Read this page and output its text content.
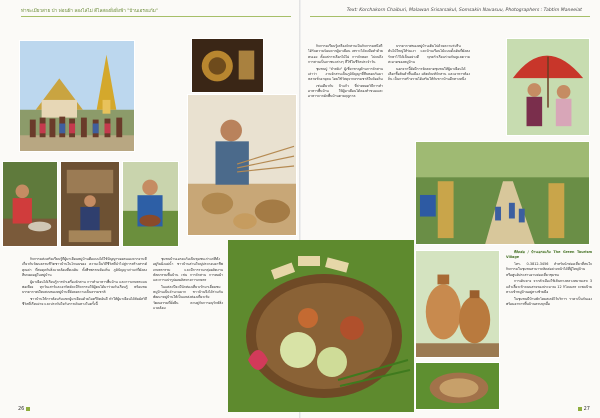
ท่าชะเมียวสาย ป่า ฟอนฝ้า ลองไล่ไม่ ดีไลสองฝั่งฝั่งฟ้า "บ้านเอรงแก้ม"

กิจกรรมส่งเสริมเรียนรู้ที่ผู้มาเยือนหมู่บ้านคือแบบได้ใช้ปัญญาของตนเองจากงานที่เกี่ยวกับวัฒนธรรมชีวิตชาวบ้านในโหนนของ ความเป็นวิถีชีวิตที่นำไปสู่การสร้างสรรค์ คุณค่า ที่สมดุลกับสิ่งแวดล้อมที่คงเดิม ทั้งพืชพรรณท้องถิ่น ภูมิปัญญาเก่าแก่ที่ยังคงสืบทอดอยู่ในหมู่บ้าน

ผู้มาเยือนได้เรียนรู้การทำเครื่องจักสาน การทำอาหารพื้นบ้าน และการเกษตรแบบพอเพียง ทุกวันเสาร์และอาทิตย์จะมีกิจกรรมให้ผู้คนได้มาร่วมกันเรียนรู้ พร้อมชมบรรยากาศเงียบสงบของหมู่บ้านที่ยังคงความเป็นธรรมชาติ

ชาวบ้านให้การต้อนรับแขกผู้มาเยือนด้วยไมตรีจิตอันดี ทำให้ผู้มาเยือนได้สัมผัสวิถีชีวิตที่เรียบง่าย และประทับใจกับการเดินทางในครั้งนี้

ชุมชนบ้านเอรงแก้มเป็นชุมชนเก่าแก่ที่ตั้งอยู่ริมฝั่งแม่น้ำ ชาวบ้านส่วนใหญ่ประกอบอาชีพเกษตรกรรม และมีการรวมกลุ่มผลิตงานหัตถกรรมพื้นบ้าน เช่น การจักสาน การทอผ้า และการแปรรูปผลผลิตทางการเกษตร

ในแต่ละปีจะมีนักท่องเที่ยวเข้ามาเยี่ยมชมหมู่บ้านเป็นจำนวนมาก ชาวบ้านจึงได้ร่วมกันพัฒนาหมู่บ้านให้เป็นแหล่งท่องเที่ยวเชิงวัฒนธรรมที่ยั่งยืน ควบคู่กับการอนุรักษ์สิ่งแวดล้อม

26
Text: Korchakorn Chaiburi, Malawan Srisarsakul, Somsakin Navasuu, Photographers : Tabtim Maneeiat

กิจกรรมเรียนรู้เครื่องจักสานเป็นกิจกรรมหนึ่งที่ได้รับความนิยมจากผู้มาเยือน เพราะได้ลงมือทำด้วยตนเอง ตั้งแต่การเลือกไม้ไผ่ การจักตอก ไปจนถึงการสานเป็นภาชนะต่างๆ ที่ใช้ในชีวิตประจำวัน

ชุมชนปู่ "ลำสมิง" ผู้เชี่ยวชาญด้านการจักสานเล่าว่า งานจักสานเป็นภูมิปัญญาที่สืบทอดกันมาหลายชั่วอายุคน โดยใช้วัสดุจากธรรมชาติในท้องถิ่น

เช่นเดียวกับ ป้าแก้ว ที่ถ่ายทอดวิธีการทำอาหารพื้นบ้าน ให้ผู้มาเยือนได้ลองทำขนมและอาหารจากผักพื้นบ้านตามฤดูกาล

บรรยากาศของหมู่บ้านเต็มไปด้วยความร่มรื่น ต้นไม้ใหญ่ให้ร่มเงา และบ้านเรือนไม้แบบดั้งเดิมที่ยังคงรักษาไว้ได้เป็นอย่างดี ทุกครัวเรือนร่วมกันดูแลความสะอาดของหมู่บ้าน

นอกจากนี้ยังมีการจัดตลาดชุมชนให้ผู้มาเยือนได้เลือกซื้อสินค้าพื้นเมือง ผลิตภัณฑ์จักสาน และอาหารท้องถิ่น เป็นการสร้างรายได้เสริมให้กับชาวบ้านอีกทางหนึ่ง

ที่ติดต่อ / บ้านเอรงแก้ม The Green Tourism Village

โทร. 0-3812-3456 สำหรับนักท่องเที่ยวที่สนใจกิจกรรมในชุมชนสามารถติดต่อล่วงหน้าได้ที่ผู้ใหญ่บ้าน หรือศูนย์ประสานงานท่องเที่ยวชุมชน

การเดินทาง จากตัวเมืองใช้เส้นทางหลวงหมายเลข 3 แล้วเลี้ยวเข้าถนนสายรองประมาณ 12 กิโลเมตร จะพบป้ายทางเข้าหมู่บ้านอยู่ทางซ้ายมือ

ในชุมชนมีบ้านพักโฮมสเตย์ไว้บริการ ราคาเป็นกันเอง พร้อมอาหารพื้นบ้านครบทุกมื้อ

27
